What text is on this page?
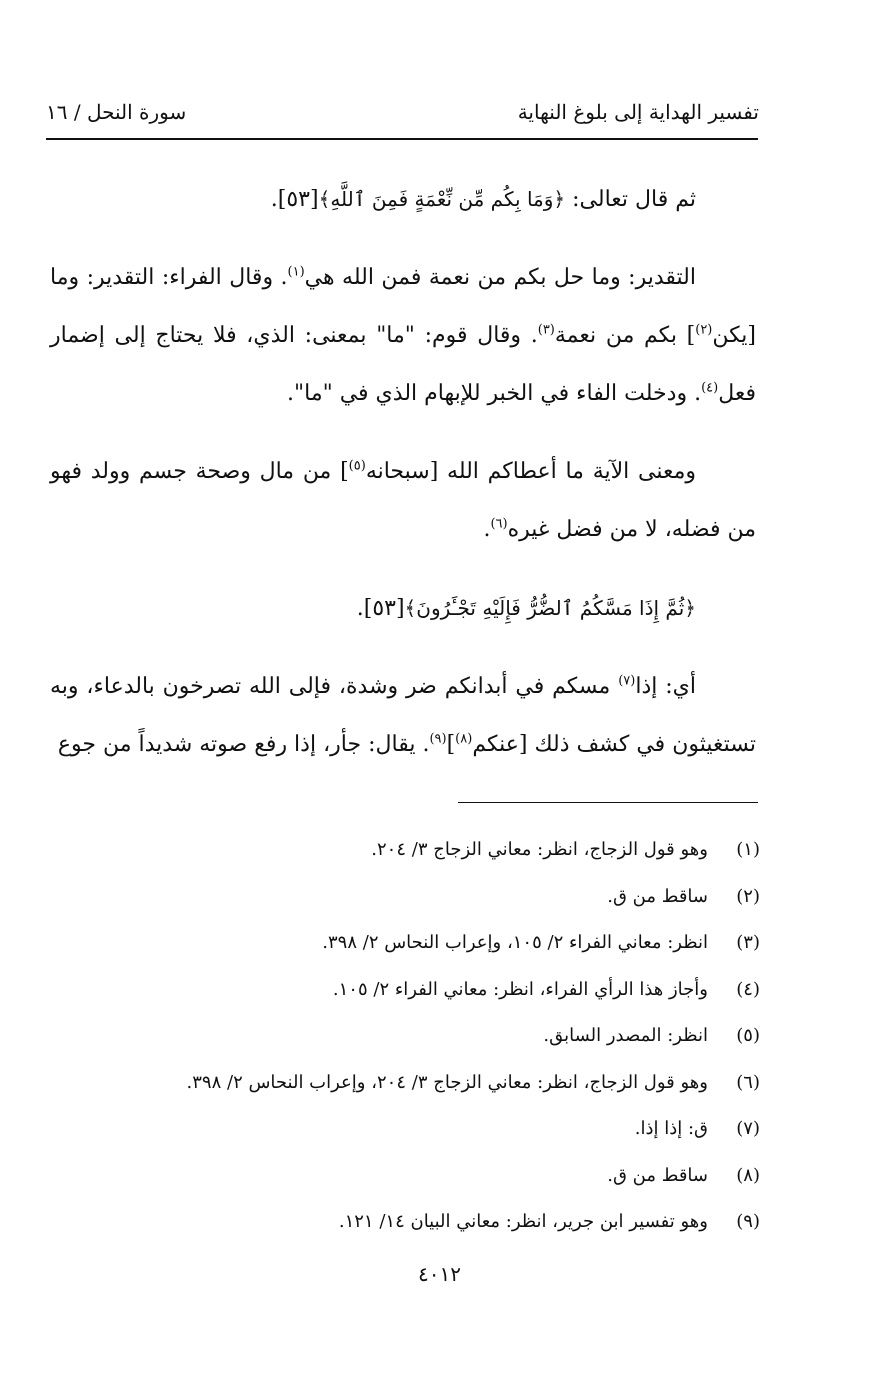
تفسير الهداية إلى بلوغ النهاية
سورة النحل / ١٦

ثم قال تعالى: ﴿وَمَا بِكُم مِّن نِّعْمَةٍ فَمِنَ ٱللَّهِ﴾[٥٣].

التقدير: وما حل بكم من نعمة فمن الله هي$^{(١)}$. وقال الفراء: التقدير: وما [يكن$^{(٢)}$] بكم من نعمة$^{(٣)}$. وقال قوم: "ما" بمعنى: الذي، فلا يحتاج إلى إضمار فعل$^{(٤)}$. ودخلت الفاء في الخبر للإبهام الذي في "ما".

ومعنى الآية ما أعطاكم الله [سبحانه$^{(٥)}$] من مال وصحة جسم وولد فهو من فضله، لا من فضل غيره$^{(٦)}$.

﴿ثُمَّ إِذَا مَسَّكُمُ ٱلضُّرُّ فَإِلَيْهِ تَجْـَٔرُونَ﴾[٥٣].

أي: إذا$^{(٧)}$ مسكم في أبدانكم ضر وشدة، فإلى الله تصرخون بالدعاء، وبه تستغيثون في كشف ذلك [عنكم$^{(٨)}$]$^{(٩)}$. يقال: جأر، إذا رفع صوته شديداً من جوع

(١)وهو قول الزجاج، انظر: معاني الزجاج ٣/ ٢٠٤.
(٢)ساقط من ق.
(٣)انظر: معاني الفراء ٢/ ١٠٥، وإعراب النحاس ٢/ ٣٩٨.
(٤)وأجاز هذا الرأي الفراء، انظر: معاني الفراء ٢/ ١٠٥.
(٥)انظر: المصدر السابق.
(٦)وهو قول الزجاج، انظر: معاني الزجاج ٣/ ٢٠٤، وإعراب النحاس ٢/ ٣٩٨.
(٧)ق: إذا إذا.
(٨)ساقط من ق.
(٩)وهو تفسير ابن جرير، انظر: معاني البيان ١٤/ ١٢١.
٤٠١٢
